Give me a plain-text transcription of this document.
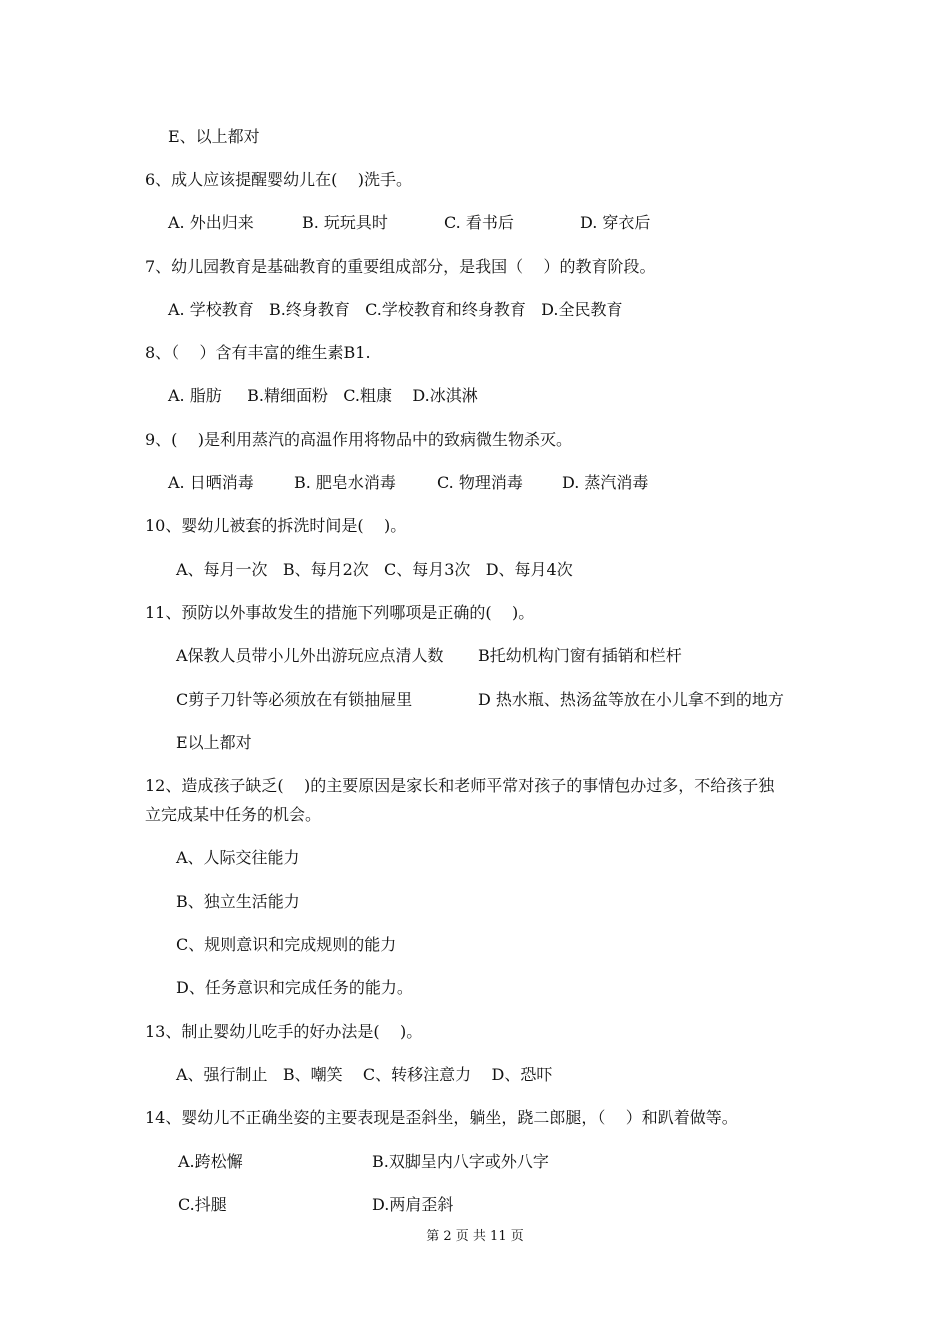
E、以上都对
6、成人应该提醒婴幼儿在(    )洗手。
A. 外出归来	B. 玩玩具时	C. 看书后	D. 穿衣后
7、幼儿园教育是基础教育的重要组成部分，是我国（    ）的教育阶段。
A. 学校教育   B.终身教育   C.学校教育和终身教育   D.全民教育
8、（    ）含有丰富的维生素B1.
A. 脂肪     B.精细面粉   C.粗康    D.冰淇淋
9、(    )是利用蒸汽的高温作用将物品中的致病微生物杀灭。
A. 日晒消毒	B. 肥皂水消毒	C. 物理消毒 D. 蒸汽消毒
10、婴幼儿被套的拆洗时间是(    )。
A、每月一次   B、每月2次   C、每月3次   D、每月4次
11、预防以外事故发生的措施下列哪项是正确的(    )。
A保教人员带小儿外出游玩应点清人数 B托幼机构门窗有插销和栏杆
C剪子刀针等必须放在有锁抽屉里	D 热水瓶、热汤盆等放在小儿拿不到的地方
E以上都对
12、造成孩子缺乏(    )的主要原因是家长和老师平常对孩子的事情包办过多，不给孩子独
立完成某中任务的机会。
A、人际交往能力
B、独立生活能力
C、规则意识和完成规则的能力
D、任务意识和完成任务的能力。
13、制止婴幼儿吃手的好办法是(    )。
A、强行制止   B、嘲笑    C、转移注意力    D、恐吓
14、婴幼儿不正确坐姿的主要表现是歪斜坐，躺坐，跷二郎腿，（    ）和趴着做等。
A.跨松懈	B.双脚呈内八字或外八字
C.抖腿	D.两肩歪斜
第 2 页 共 11 页
